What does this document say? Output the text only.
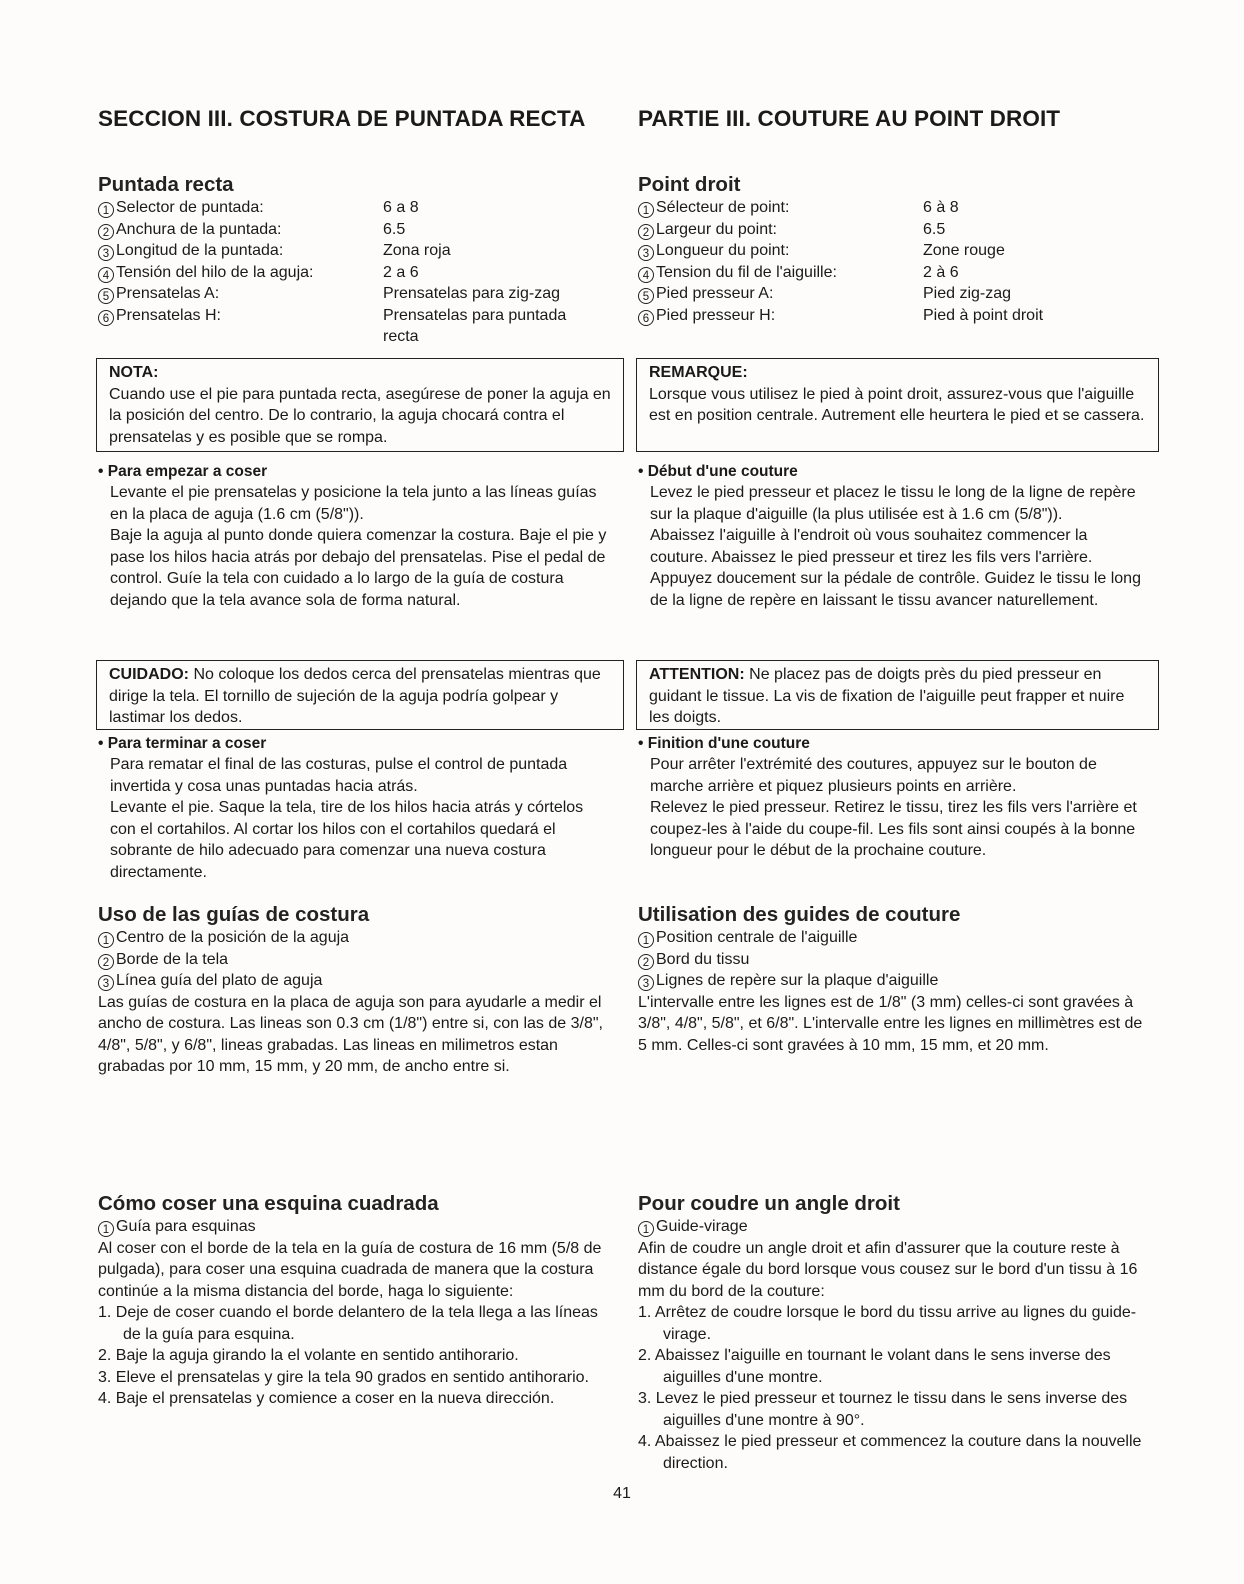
SECCION III. COSTURA DE PUNTADA RECTA PARTIE III. COUTURE AU POINT DROIT
Puntada recta
1 Selector de puntada:	6 a 8
2 Anchura de la puntada:	6.5
3 Longitud de la puntada:	Zona roja
4 Tensión del hilo de la aguja:	2 a 6
5 Prensatelas A:	Prensatelas para zig-zag
6 Prensatelas H:	Prensatelas para puntada recta
Point droit
1 Sélecteur de point:	6 à 8
2 Largeur du point:	6.5
3 Longueur du point:	Zone rouge
4 Tension du fil de l'aiguille:	2 à 6
5 Pied presseur A:	Pied zig-zag
6 Pied presseur H:	Pied à point droit

NOTA:

Cuando use el pie para puntada recta, asegúrese de poner la aguja en la posición del centro. De lo contrario, la aguja chocará contra el prensatelas y es posible que se rompa.

REMARQUE:

Lorsque vous utilisez le pied à point droit, assurez-vous que l'aiguille est en position centrale. Autrement elle heurtera le pied et se cassera.

• Para empezar a coser

Levante el pie prensatelas y posicione la tela junto a las líneas guías en la placa de aguja (1.6 cm (5/8")).

Baje la aguja al punto donde quiera comenzar la costura. Baje el pie y pase los hilos hacia atrás por debajo del prensatelas. Pise el pedal de control. Guíe la tela con cuidado a lo largo de la guía de costura dejando que la tela avance sola de forma natural.

• Début d'une couture

Levez le pied presseur et placez le tissu le long de la ligne de repère sur la plaque d'aiguille (la plus utilisée est à 1.6 cm (5/8")).

Abaissez l'aiguille à l'endroit où vous souhaitez commencer la couture. Abaissez le pied presseur et tirez les fils vers l'arrière. Appuyez doucement sur la pédale de contrôle. Guidez le tissu le long de la ligne de repère en laissant le tissu avancer naturellement.

CUIDADO: No coloque los dedos cerca del prensatelas mientras que dirige la tela. El tornillo de sujeción de la aguja podría golpear y lastimar los dedos.

ATTENTION: Ne placez pas de doigts près du pied presseur en guidant le tissue. La vis de fixation de l'aiguille peut frapper et nuire les doigts.

• Para terminar a coser

Para rematar el final de las costuras, pulse el control de puntada invertida y cosa unas puntadas hacia atrás.

Levante el pie. Saque la tela, tire de los hilos hacia atrás y córtelos con el cortahilos. Al cortar los hilos con el cortahilos quedará el sobrante de hilo adecuado para comenzar una nueva costura directamente.

• Finition d'une couture

Pour arrêter l'extrémité des coutures, appuyez sur le bouton de marche arrière et piquez plusieurs points en arrière.

Relevez le pied presseur. Retirez le tissu, tirez les fils vers l'arrière et coupez-les à l'aide du coupe-fil. Les fils sont ainsi coupés à la bonne longueur pour le début de la prochaine couture.

Uso de las guías de costura
1 Centro de la posición de la aguja
2 Borde de la tela
3 Línea guía del plato de aguja

Las guías de costura en la placa de aguja son para ayudarle a medir el ancho de costura. Las lineas son 0.3 cm (1/8") entre si, con las de 3/8", 4/8", 5/8", y 6/8", lineas grabadas. Las lineas en milimetros estan grabadas por 10 mm, 15 mm, y 20 mm, de ancho entre si.

Utilisation des guides de couture
1 Position centrale de l'aiguille
2 Bord du tissu
3 Lignes de repère sur la plaque d'aiguille

L'intervalle entre les lignes est de 1/8" (3 mm) celles-ci sont gravées à 3/8", 4/8", 5/8", et 6/8". L'intervalle entre les lignes en millimètres est de 5 mm. Celles-ci sont gravées à 10 mm, 15 mm, et 20 mm.

Cómo coser una esquina cuadrada
1 Guía para esquinas

Al coser con el borde de la tela en la guía de costura de 16 mm (5/8 de pulgada), para coser una esquina cuadrada de manera que la costura continúe a la misma distancia del borde, haga lo siguiente:

1. Deje de coser cuando el borde delantero de la tela llega a las líneas de la guía para esquina.

2. Baje la aguja girando la el volante en sentido antihorario.

3. Eleve el prensatelas y gire la tela 90 grados en sentido antihorario.

4. Baje el prensatelas y comience a coser en la nueva dirección.

Pour coudre un angle droit
1 Guide-virage

Afin de coudre un angle droit et afin d'assurer que la couture reste à distance égale du bord lorsque vous cousez sur le bord d'un tissu à 16 mm du bord de la couture:

1. Arrêtez de coudre lorsque le bord du tissu arrive au lignes du guide-virage.

2. Abaissez l'aiguille en tournant le volant dans le sens inverse des aiguilles d'une montre.

3. Levez le pied presseur et tournez le tissu dans le sens inverse des aiguilles d'une montre à 90°.

4. Abaissez le pied presseur et commencez la couture dans la nouvelle direction.

41
